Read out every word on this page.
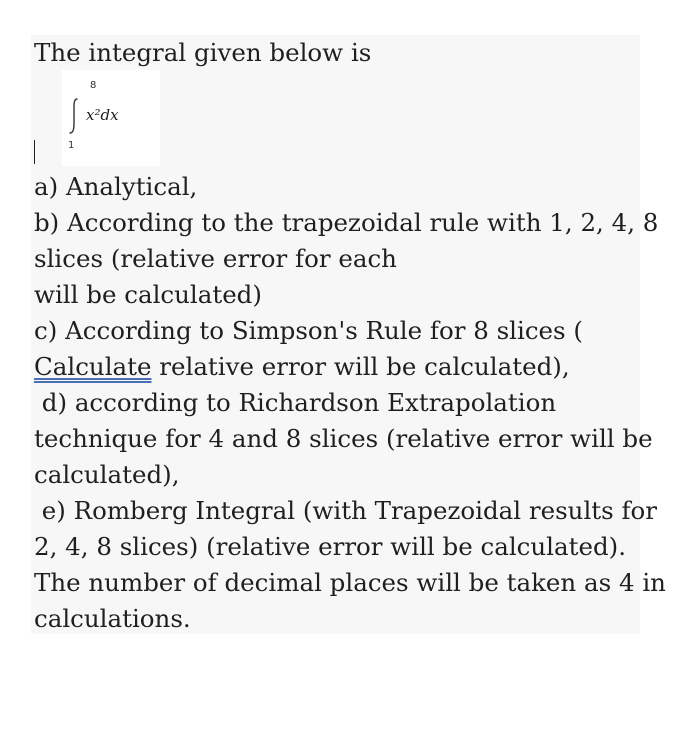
The integral given below is
8
x²dx
1
a) Analytical,
b) According to the trapezoidal rule with 1, 2, 4, 8
slices (relative error for each
will be calculated)
c) According to Simpson's Rule for 8 slices (
Calculate relative error will be calculated),
d) according to Richardson Extrapolation
technique for 4 and 8 slices (relative error will be
calculated),
e) Romberg Integral (with Trapezoidal results for
2, 4, 8 slices) (relative error will be calculated).
The number of decimal places will be taken as 4 in
calculations.
